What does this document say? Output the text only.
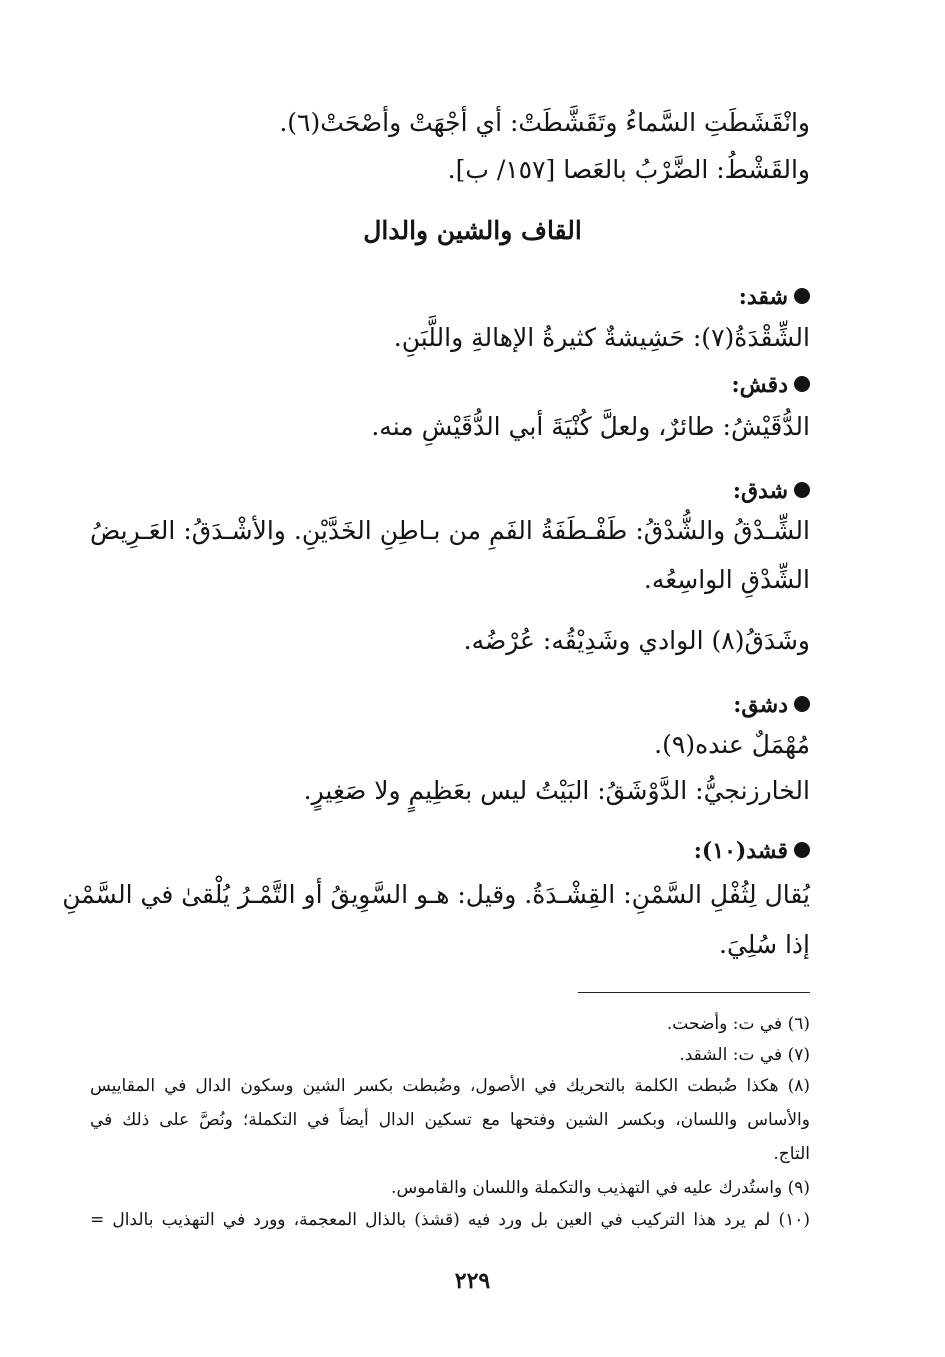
وانْقَشَطَتِ السَّماءُ وتَقَشَّطَتْ: أي أجْهَتْ وأصْحَتْ(٦).
والقَشْطُ: الضَّرْبُ بالعَصا [١٥٧/ ب].
القاف والشين والدال
شقد:
الشِّقْدَةُ(٧): حَشِيشةٌ كثيرةُ الإهالةِ واللَّبَنِ.
دقش:
الدُّقَيْشُ: طائرٌ، ولعلَّ كُنْيَةَ أبي الدُّقَيْشِ منه.
شدق:
الشِّـدْقُ والشُّدْقُ: طَفْـطَفَةُ الفَمِ من بـاطِنِ الخَدَّيْنِ. والأشْـدَقُ: العَـرِيضُ
الشِّدْقِ الواسِعُه.
وشَدَقُ(٨) الوادي وشَدِيْقُه: عُرْضُه.
دشق:
مُهْمَلٌ عنده(٩).
الخارزنجيُّ: الدَّوْشَقُ: البَيْتُ ليس بعَظِيمٍ ولا صَغِيرٍ.
قشد(١٠):
يُقال لِثُفْلِ السَّمْنِ: القِشْـدَةُ. وقيل: هـو السَّوِيقُ أو التَّمْـرُ يُلْقىٰ في السَّمْنِ
إذا سُلِيَ.
(٦) في ت: وأضحت.
(٧) في ت: الشقد.
(٨) هكذا ضُبطت الكلمة بالتحريك في الأصول، وضُبطت بكسر الشين وسكون الدال في المقاييس
والأساس واللسان، وبكسر الشين وفتحها مع تسكين الدال أيضاً في التكملة؛ ونُصَّ على ذلك في
التاج.
(٩) واستُدرك عليه في التهذيب والتكملة واللسان والقاموس.
(١٠) لم يرد هذا التركيب في العين بل ورد فيه (قشذ) بالذال المعجمة، وورد في التهذيب بالدال =
٢٢٩
